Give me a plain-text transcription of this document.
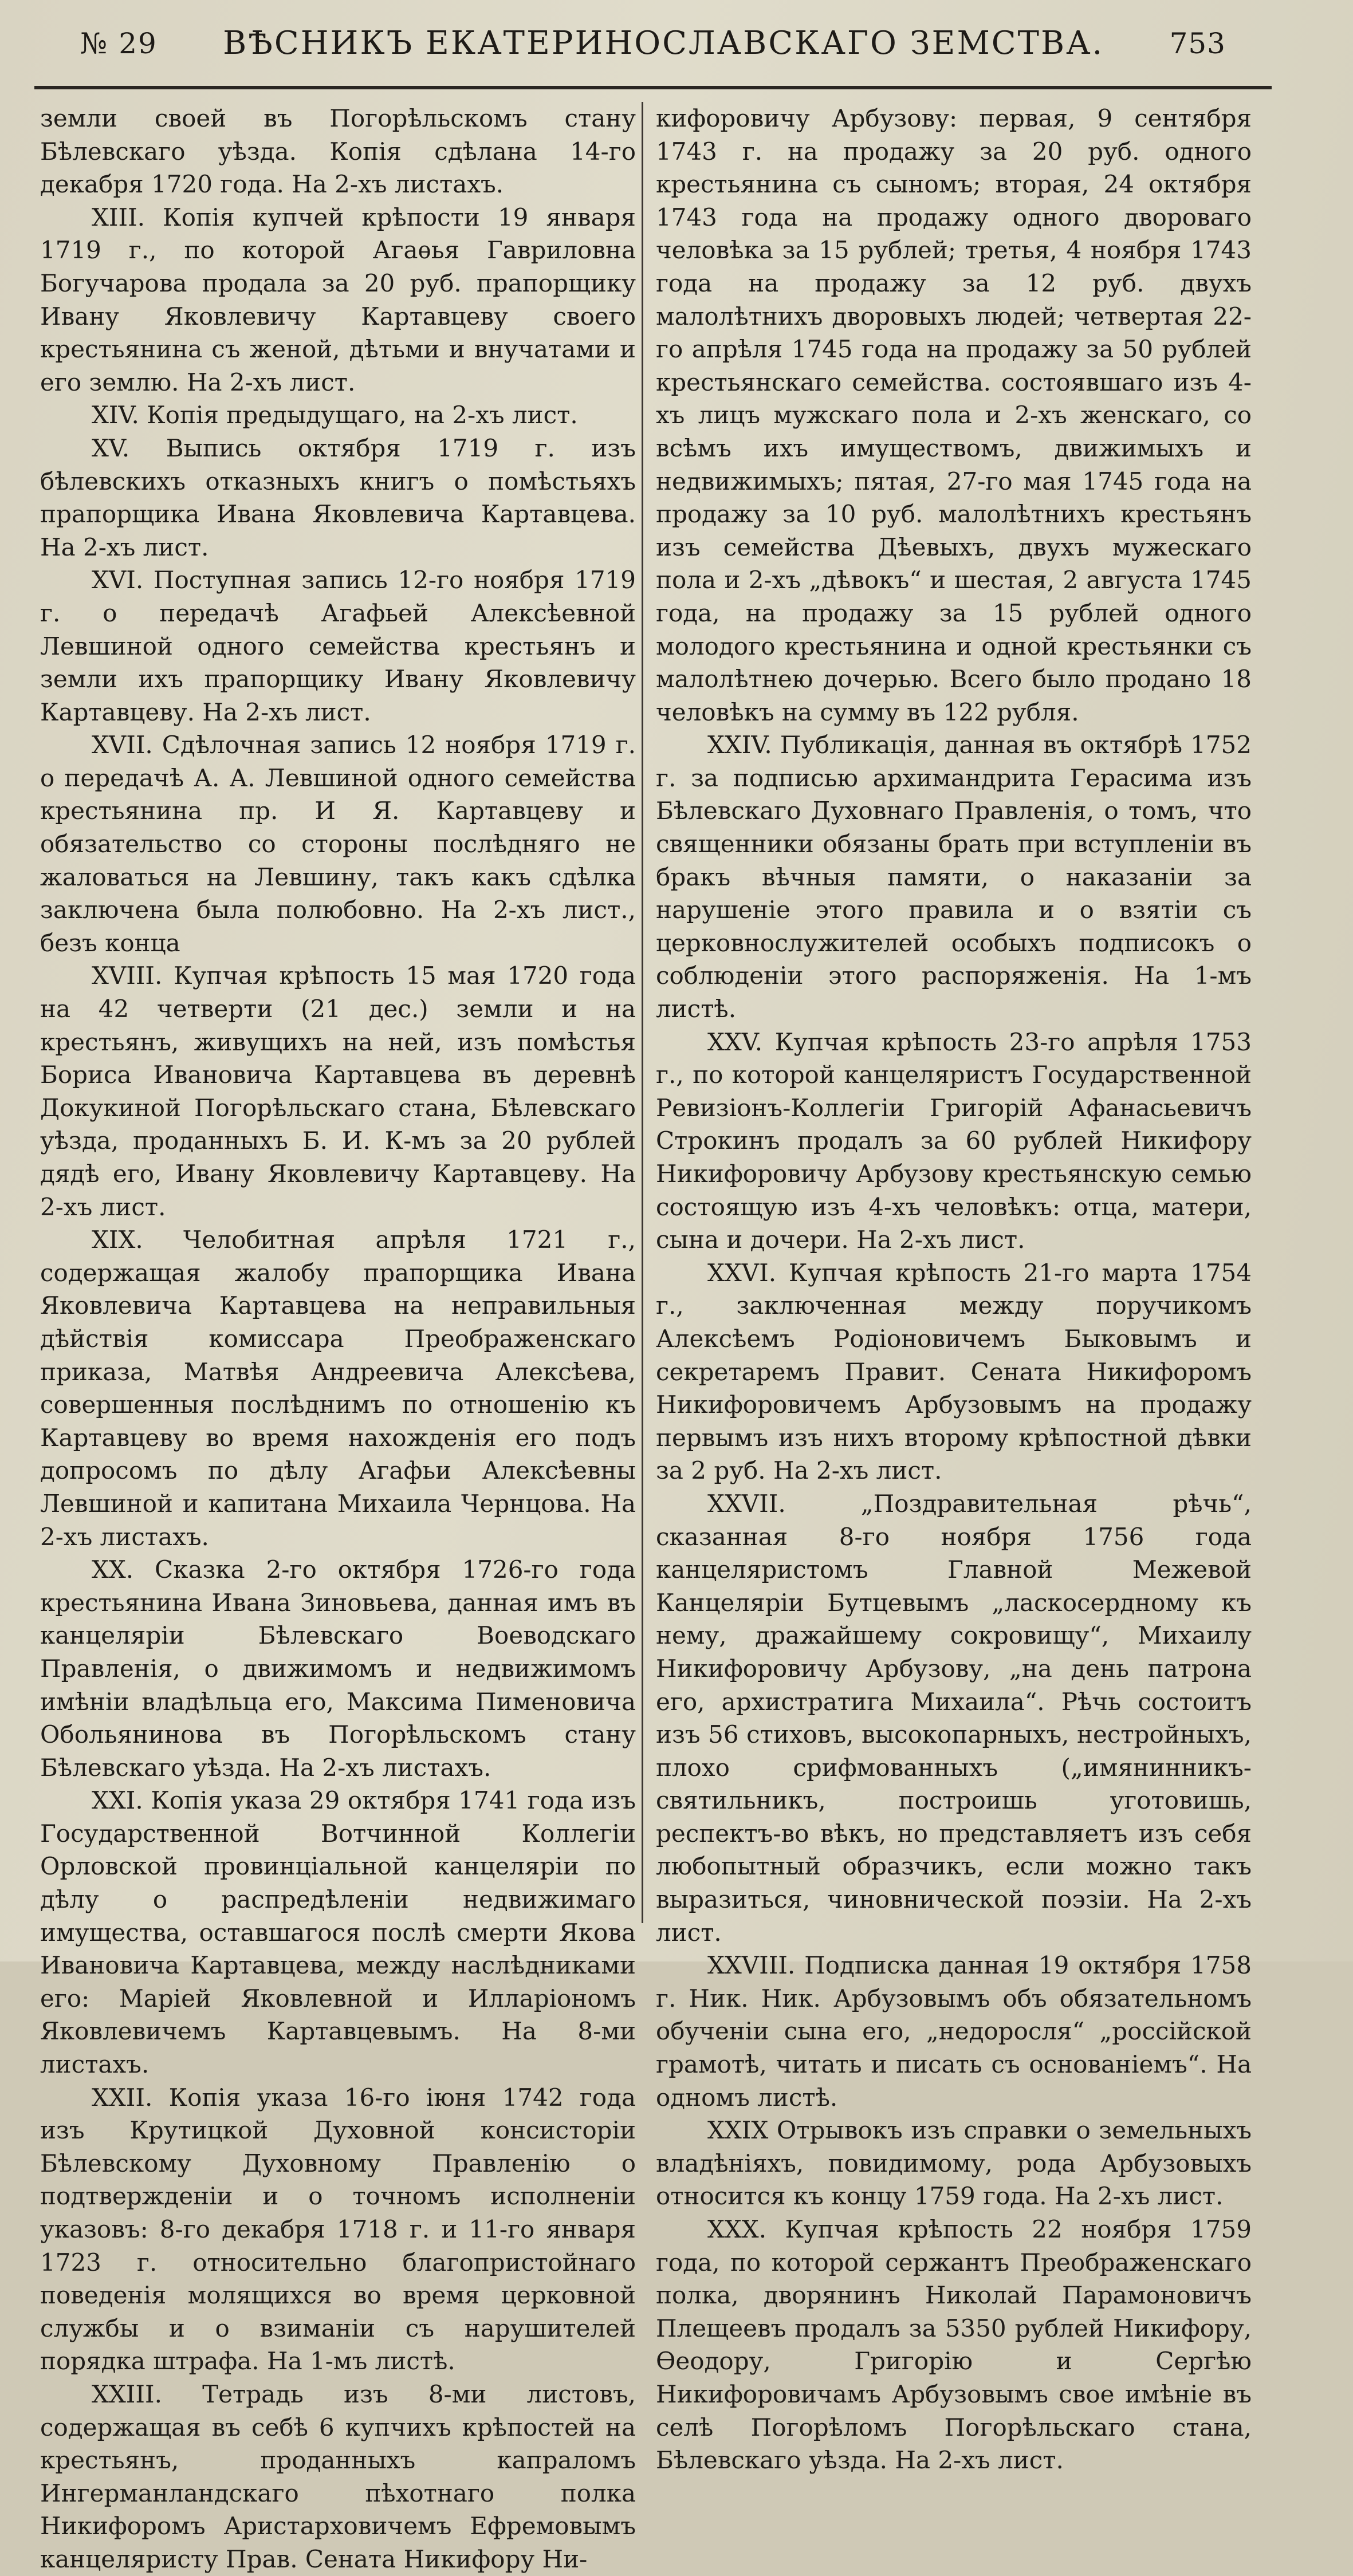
№ 29 ВѢСНИКЪ ЕКАТЕРИНОСЛАВСКАГО ЗЕМСТВА. 753

земли своей въ Погорѣльскомъ стану Бѣлевскаго уѣзда. Копія сдѣлана 14-го декабря 1720 года. На 2-хъ листахъ.

XIII. Копія купчей крѣпости 19 января 1719 г., по которой Агаѳья Гавриловна Богучарова продала за 20 руб. прапорщику Ивану Яковлевичу Картавцеву своего крестьянина съ женой, дѣтьми и внучатами и его землю. На 2-хъ лист.

XIV. Копія предыдущаго, на 2-хъ лист.

XV. Выпись октября 1719 г. изъ бѣлевскихъ отказныхъ книгъ о помѣстьяхъ прапорщика Ивана Яковлевича Картавцева. На 2-хъ лист.

XVI. Поступная запись 12-го ноября 1719 г. о передачѣ Агафьей Алексѣевной Левшиной одного семейства крестьянъ и земли ихъ прапорщику Ивану Яковлевичу Картавцеву. На 2-хъ лист.

XVII. Сдѣлочная запись 12 ноября 1719 г. о передачѣ А. А. Левшиной одного семейства крестьянина пр. И Я. Картавцеву и обязательство со стороны послѣдняго не жаловаться на Левшину, такъ какъ сдѣлка заключена была полюбовно. На 2-хъ лист., безъ конца

XVIII. Купчая крѣпость 15 мая 1720 года на 42 четверти (21 дес.) земли и на крестьянъ, живущихъ на ней, изъ помѣстья Бориса Ивановича Картавцева въ деревнѣ Докукиной Погорѣльскаго стана, Бѣлевскаго уѣзда, проданныхъ Б. И. К-мъ за 20 рублей дядѣ его, Ивану Яковлевичу Картавцеву. На 2-хъ лист.

XIX. Челобитная апрѣля 1721 г., содержащая жалобу прапорщика Ивана Яковлевича Картавцева на неправильныя дѣйствія комиссара Преображенскаго приказа, Матвѣя Андреевича Алексѣева, совершенныя послѣднимъ по отношенію къ Картавцеву во время нахожденія его подъ допросомъ по дѣлу Агафьи Алексѣевны Левшиной и капитана Михаила Чернцова. На 2-хъ листахъ.

XX. Сказка 2-го октября 1726-го года крестьянина Ивана Зиновьева, данная имъ въ канцеляріи Бѣлевскаго Воеводскаго Правленія, о движимомъ и недвижимомъ имѣніи владѣльца его, Максима Пименовича Обольянинова въ Погорѣльскомъ стану Бѣлевскаго уѣзда. На 2-хъ листахъ.

XXI. Копія указа 29 октября 1741 года изъ Государственной Вотчинной Коллегіи Орловской провинціальной канцеляріи по дѣлу о распредѣленіи недвижимаго имущества, оставшагося послѣ смерти Якова Ивановича Картавцева, между наслѣдниками его: Маріей Яковлевной и Илларіономъ Яковлевичемъ Картавцевымъ. На 8-ми листахъ.

XXII. Копія указа 16-го іюня 1742 года изъ Крутицкой Духовной консисторіи Бѣлевскому Духовному Правленію о подтвержденіи и о точномъ исполненіи указовъ: 8-го декабря 1718 г. и 11-го января 1723 г. относительно благопристойнаго поведенія молящихся во время церковной службы и о взиманіи съ нарушителей порядка штрафа. На 1-мъ листѣ.

XXIII. Тетрадь изъ 8-ми листовъ, содержащая въ себѣ 6 купчихъ крѣпостей на крестьянъ, проданныхъ капраломъ Ингерманландскаго пѣхотнаго полка Никифоромъ Аристарховичемъ Ефремовымъ канцеляристу Прав. Сената Никифору Ни-

кифоровичу Арбузову: первая, 9 сентября 1743 г. на продажу за 20 руб. одного крестьянина съ сыномъ; вторая, 24 октября 1743 года на продажу одного двороваго человѣка за 15 рублей; третья, 4 ноября 1743 года на продажу за 12 руб. двухъ малолѣтнихъ дворовыхъ людей; четвертая 22-го апрѣля 1745 года на продажу за 50 рублей крестьянскаго семейства. состоявшаго изъ 4-хъ лицъ мужскаго пола и 2-хъ женскаго, со всѣмъ ихъ имуществомъ, движимыхъ и недвижимыхъ; пятая, 27-го мая 1745 года на продажу за 10 руб. малолѣтнихъ крестьянъ изъ семейства Дѣевыхъ, двухъ мужескаго пола и 2-хъ „дѣвокъ“ и шестая, 2 августа 1745 года, на продажу за 15 рублей одного молодого крестьянина и одной крестьянки съ малолѣтнею дочерью. Всего было продано 18 человѣкъ на сумму въ 122 рубля.

XXIV. Публикація, данная въ октябрѣ 1752 г. за подписью архимандрита Герасима изъ Бѣлевскаго Духовнаго Правленія, о томъ, что священники обязаны брать при вступленіи въ бракъ вѣчныя памяти, о наказаніи за нарушеніе этого правила и о взятіи съ церковнослужителей особыхъ подписокъ о соблюденіи этого распоряженія. На 1-мъ листѣ.

XXV. Купчая крѣпость 23-го апрѣля 1753 г., по которой канцеляристъ Государственной Ревизіонъ-Коллегіи Григорій Афанасьевичъ Строкинъ продалъ за 60 рублей Никифору Никифоровичу Арбузову крестьянскую семью состоящую изъ 4-хъ человѣкъ: отца, матери, сына и дочери. На 2-хъ лист.

XXVI. Купчая крѣпость 21-го марта 1754 г., заключенная между поручикомъ Алексѣемъ Родіоновичемъ Быковымъ и секретаремъ Правит. Сената Никифоромъ Никифоровичемъ Арбузовымъ на продажу первымъ изъ нихъ второму крѣпостной дѣвки за 2 руб. На 2-хъ лист.

XXVII. „Поздравительная рѣчь“, сказанная 8-го ноября 1756 года канцеляристомъ Главной Межевой Канцеляріи Бутцевымъ „ласкосердному къ нему, дражайшему сокровищу“, Михаилу Никифоровичу Арбузову, „на день патрона его, архистратига Михаила“. Рѣчь состоитъ изъ 56 стиховъ, высокопарныхъ, нестройныхъ, плохо срифмованныхъ („имянинникъ-святильникъ, построишь уготовишь, респектъ-во вѣкъ, но представляетъ изъ себя любопытный образчикъ, если можно такъ выразиться, чиновнической поэзіи. На 2-хъ лист.

XXVIII. Подписка данная 19 октября 1758 г. Ник. Ник. Арбузовымъ объ обязательномъ обученіи сына его, „недоросля“ „россійской грамотѣ, читать и писать съ основаніемъ“. На одномъ листѣ.

XXIX Отрывокъ изъ справки о земельныхъ владѣніяхъ, повидимому, рода Арбузовыхъ относится къ концу 1759 года. На 2-хъ лист.

XXX. Купчая крѣпость 22 ноября 1759 года, по которой сержантъ Преображенскаго полка, дворянинъ Николай Парамоновичъ Плещеевъ продалъ за 5350 рублей Никифору, Ѳеодору, Григорію и Сергѣю Никифоровичамъ Арбузовымъ свое имѣніе въ селѣ Погорѣломъ Погорѣльскаго стана, Бѣлевскаго уѣзда. На 2-хъ лист.
